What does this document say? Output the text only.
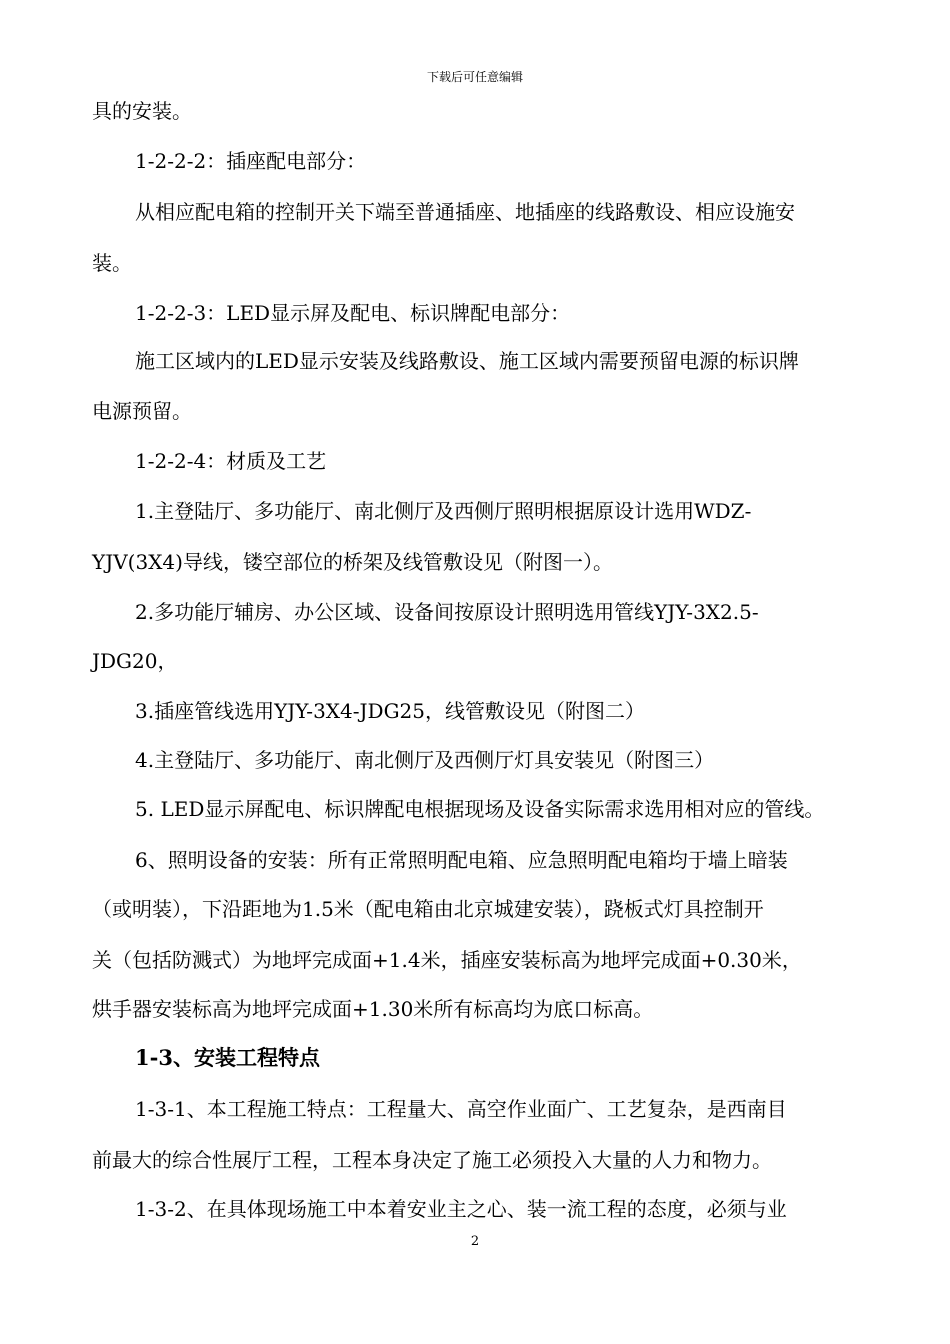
下载后可任意编辑
具的安装。
1-2-2-2：插座配电部分：
从相应配电箱的控制开关下端至普通插座、地插座的线路敷设、相应设施安
装。
1-2-2-3：LED显示屏及配电、标识牌配电部分：
施工区域内的LED显示安装及线路敷设、施工区域内需要预留电源的标识牌
电源预留。
1-2-2-4：材质及工艺
1.主登陆厅、多功能厅、南北侧厅及西侧厅照明根据原设计选用WDZ-
YJV(3X4)导线，镂空部位的桥架及线管敷设见（附图一）。
2.多功能厅辅房、办公区域、设备间按原设计照明选用管线YJY-3X2.5-
JDG20，
3.插座管线选用YJY-3X4-JDG25，线管敷设见（附图二）
4.主登陆厅、多功能厅、南北侧厅及西侧厅灯具安装见（附图三）
5. LED显示屏配电、标识牌配电根据现场及设备实际需求选用相对应的管线。
6、照明设备的安装：所有正常照明配电箱、应急照明配电箱均于墙上暗装
（或明装），下沿距地为1.5米（配电箱由北京城建安装），跷板式灯具控制开
关（包括防溅式）为地坪完成面+1.4米，插座安装标高为地坪完成面+0.30米，
烘手器安装标高为地坪完成面+1.30米所有标高均为底口标高。
1-3、安装工程特点
1-3-1、本工程施工特点：工程量大、高空作业面广、工艺复杂，是西南目
前最大的综合性展厅工程，工程本身决定了施工必须投入大量的人力和物力。
1-3-2、在具体现场施工中本着安业主之心、装一流工程的态度，必须与业
2
